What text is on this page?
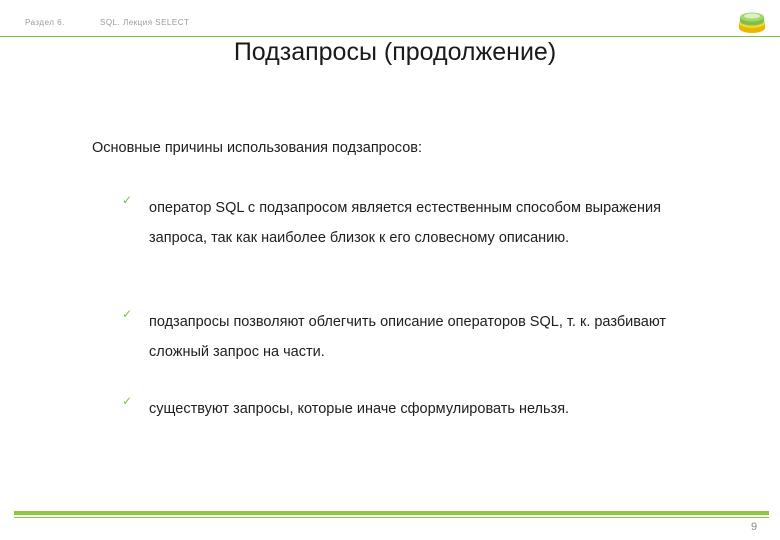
Раздел 6.	SQL. Лекция SELECT
Подзапросы (продолжение)
Основные причины использования подзапросов:
✓ оператор SQL с подзапросом является естественным способом выражения запроса, так как наиболее близок к его словесному описанию.
✓ подзапросы позволяют облегчить описание операторов SQL, т. к. разбивают сложный запрос на части.
✓ существуют запросы, которые иначе сформулировать нельзя.
9
